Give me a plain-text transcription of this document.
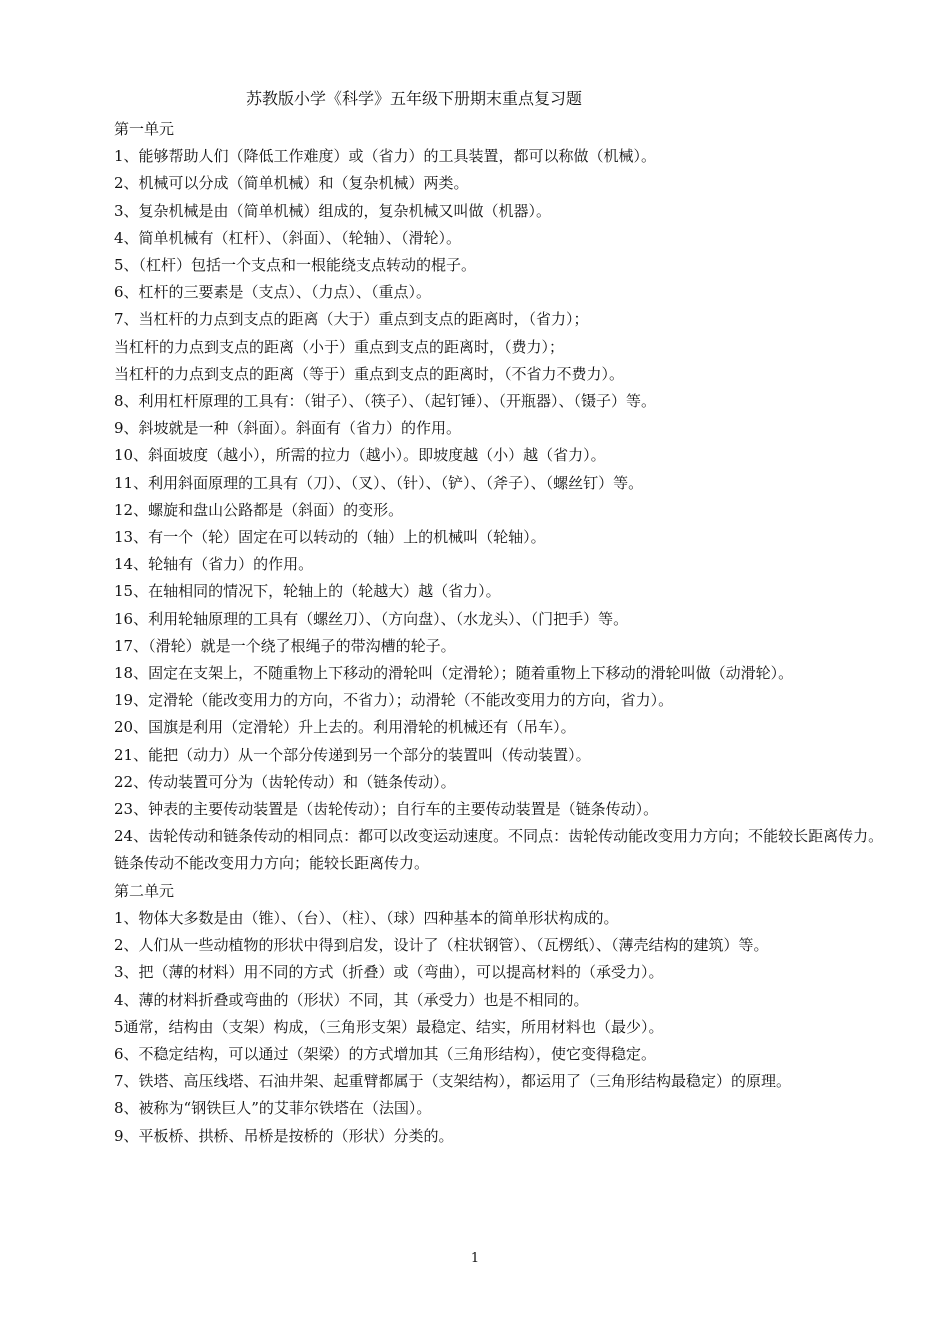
苏教版小学《科学》五年级下册期末重点复习题
第一单元
1、能够帮助人们（降低工作难度）或（省力）的工具装置，都可以称做（机械）。
2、机械可以分成（简单机械）和（复杂机械）两类。
3、复杂机械是由（简单机械）组成的，复杂机械又叫做（机器）。
4、简单机械有（杠杆）、（斜面）、（轮轴）、（滑轮）。
5、（杠杆）包括一个支点和一根能绕支点转动的棍子。
6、杠杆的三要素是（支点）、（力点）、（重点）。
7、当杠杆的力点到支点的距离（大于）重点到支点的距离时，（省力）；
当杠杆的力点到支点的距离（小于）重点到支点的距离时，（费力）；
当杠杆的力点到支点的距离（等于）重点到支点的距离时，（不省力不费力）。
8、利用杠杆原理的工具有：（钳子）、（筷子）、（起钉锤）、（开瓶器）、（镊子）等。
9、斜坡就是一种（斜面）。斜面有（省力）的作用。
10、斜面坡度（越小），所需的拉力（越小）。即坡度越（小）越（省力）。
11、利用斜面原理的工具有（刀）、（叉）、（针）、（铲）、（斧子）、（螺丝钉）等。
12、螺旋和盘山公路都是（斜面）的变形。
13、有一个（轮）固定在可以转动的（轴）上的机械叫（轮轴）。
14、轮轴有（省力）的作用。
15、在轴相同的情况下，轮轴上的（轮越大）越（省力）。
16、利用轮轴原理的工具有（螺丝刀）、（方向盘）、（水龙头）、（门把手）等。
17、（滑轮）就是一个绕了根绳子的带沟槽的轮子。
18、固定在支架上，不随重物上下移动的滑轮叫（定滑轮）；随着重物上下移动的滑轮叫做（动滑轮）。
19、定滑轮（能改变用力的方向，不省力）；动滑轮（不能改变用力的方向，省力）。
20、国旗是利用（定滑轮）升上去的。利用滑轮的机械还有（吊车）。
21、能把（动力）从一个部分传递到另一个部分的装置叫（传动装置）。
22、传动装置可分为（齿轮传动）和（链条传动）。
23、钟表的主要传动装置是（齿轮传动）；自行车的主要传动装置是（链条传动）。
24、齿轮传动和链条传动的相同点：都可以改变运动速度。不同点：齿轮传动能改变用力方向；不能较长距离传力。链条传动不能改变用力方向；能较长距离传力。
第二单元
1、物体大多数是由（锥）、（台）、（柱）、（球）四种基本的简单形状构成的。
2、人们从一些动植物的形状中得到启发，设计了（柱状钢管）、（瓦楞纸）、（薄壳结构的建筑）等。
3、把（薄的材料）用不同的方式（折叠）或（弯曲），可以提高材料的（承受力）。
4、薄的材料折叠或弯曲的（形状）不同，其（承受力）也是不相同的。
5通常，结构由（支架）构成，（三角形支架）最稳定、结实，所用材料也（最少）。
6、不稳定结构，可以通过（架梁）的方式增加其（三角形结构），使它变得稳定。
7、铁塔、高压线塔、石油井架、起重臂都属于（支架结构），都运用了（三角形结构最稳定）的原理。
8、被称为“钢铁巨人”的艾菲尔铁塔在（法国）。
9、平板桥、拱桥、吊桥是按桥的（形状）分类的。
1
